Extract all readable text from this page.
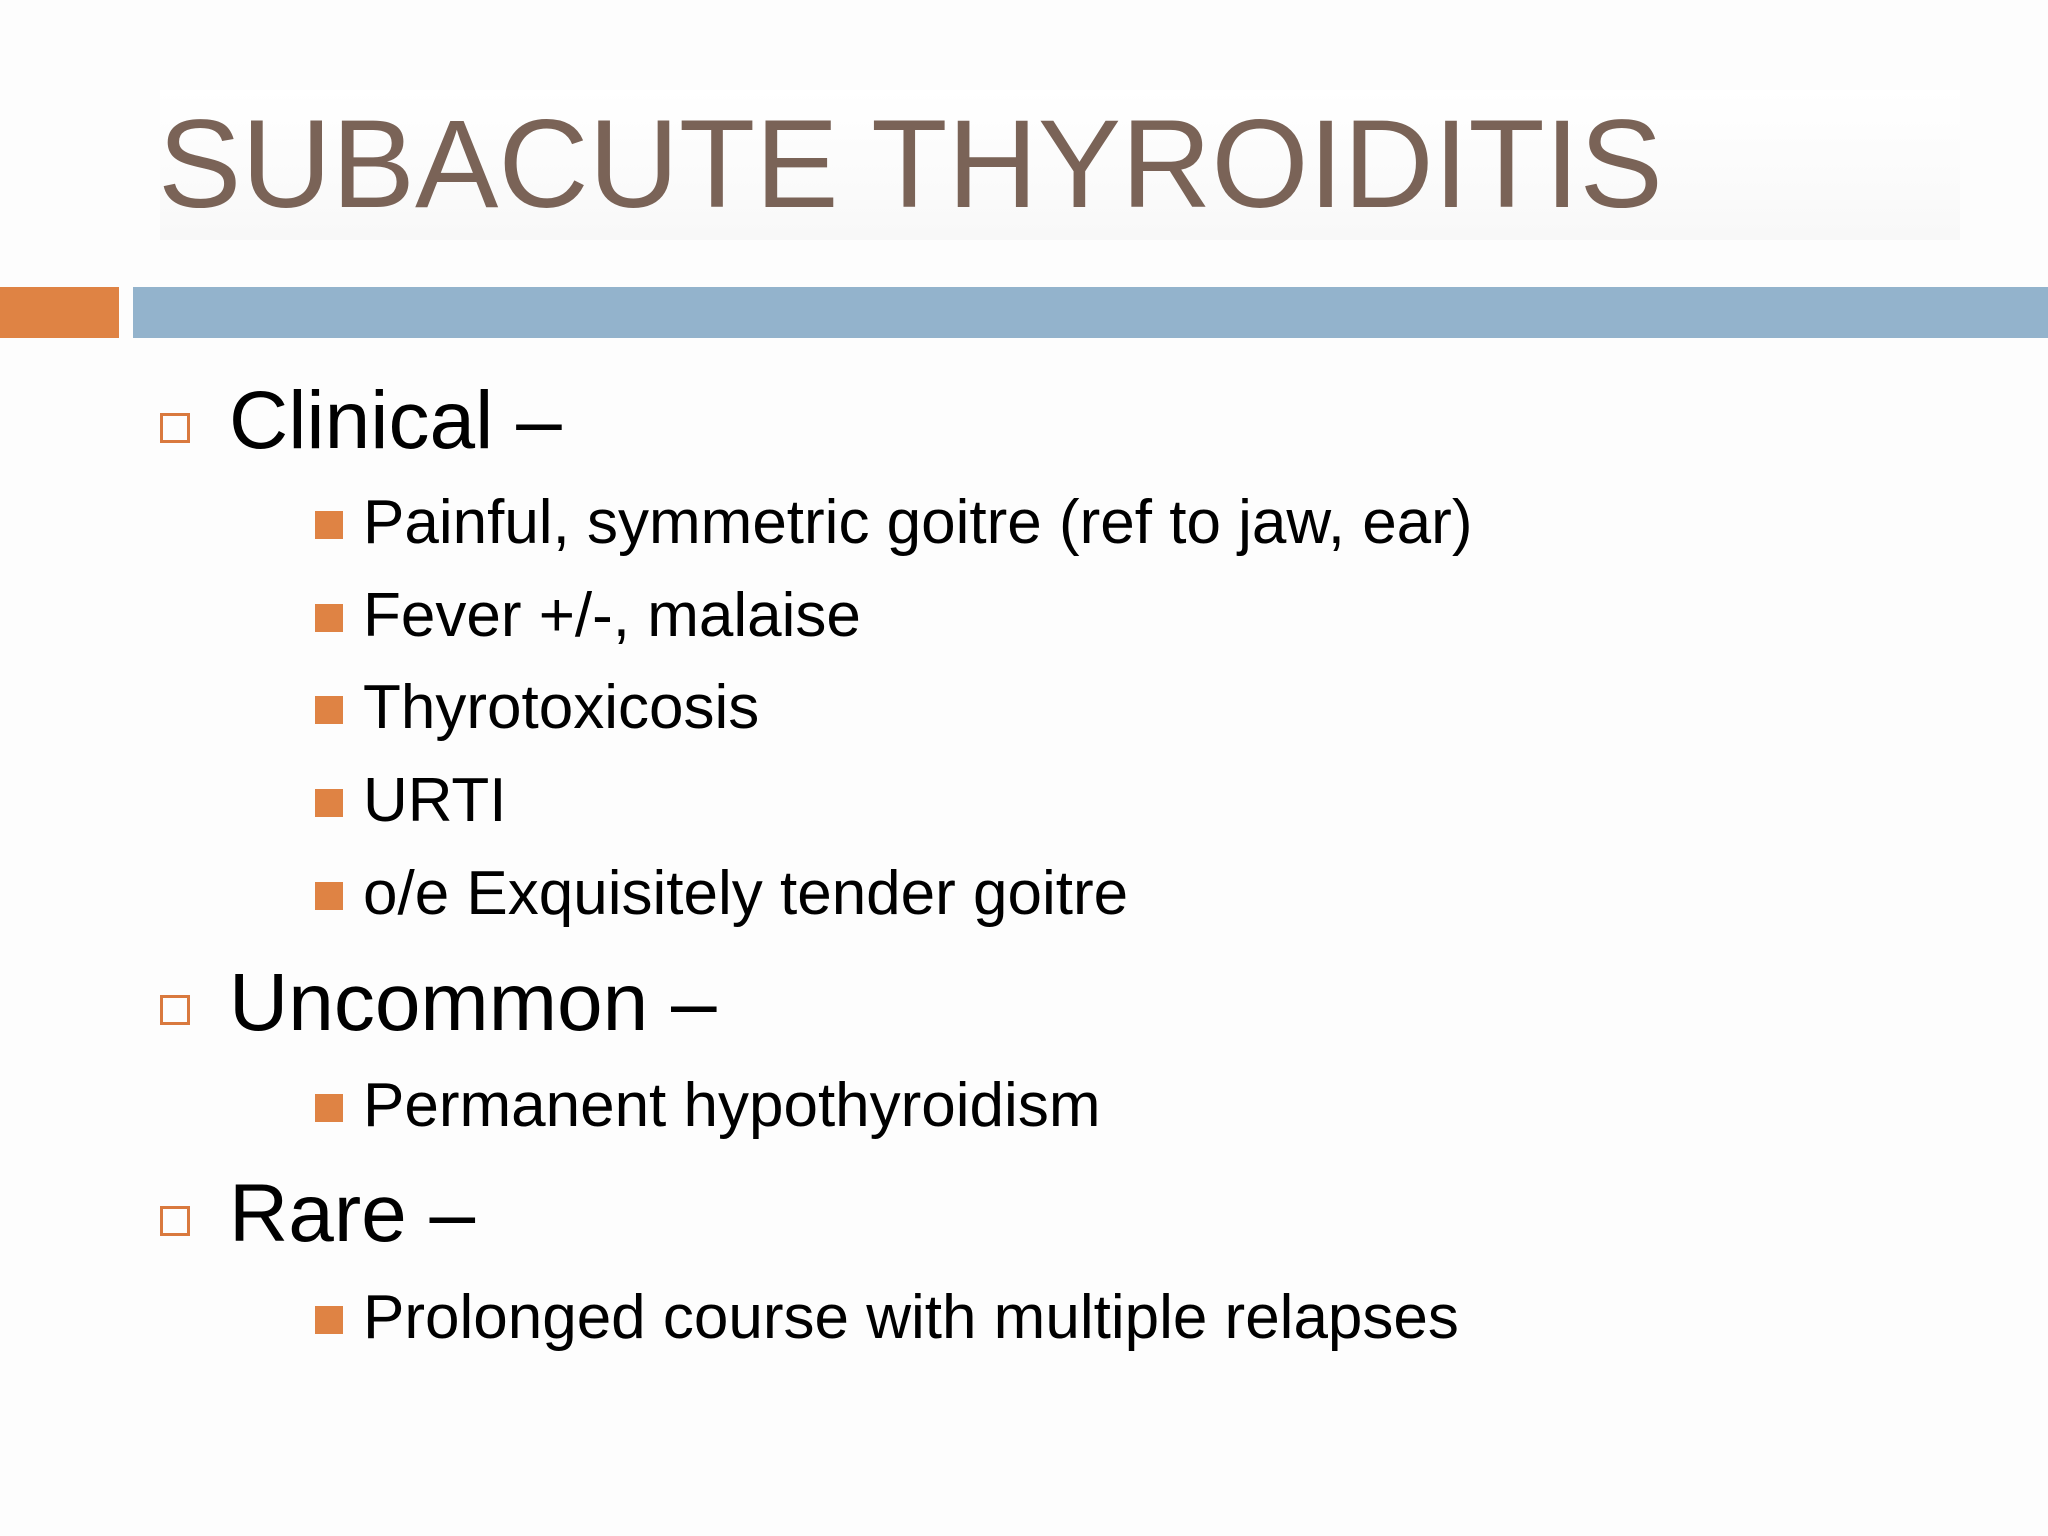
SUBACUTE THYROIDITIS
Clinical –
Painful, symmetric goitre (ref to jaw, ear)
Fever +/-, malaise
Thyrotoxicosis
URTI
o/e Exquisitely tender goitre
Uncommon –
Permanent hypothyroidism
Rare –
Prolonged course with multiple relapses
